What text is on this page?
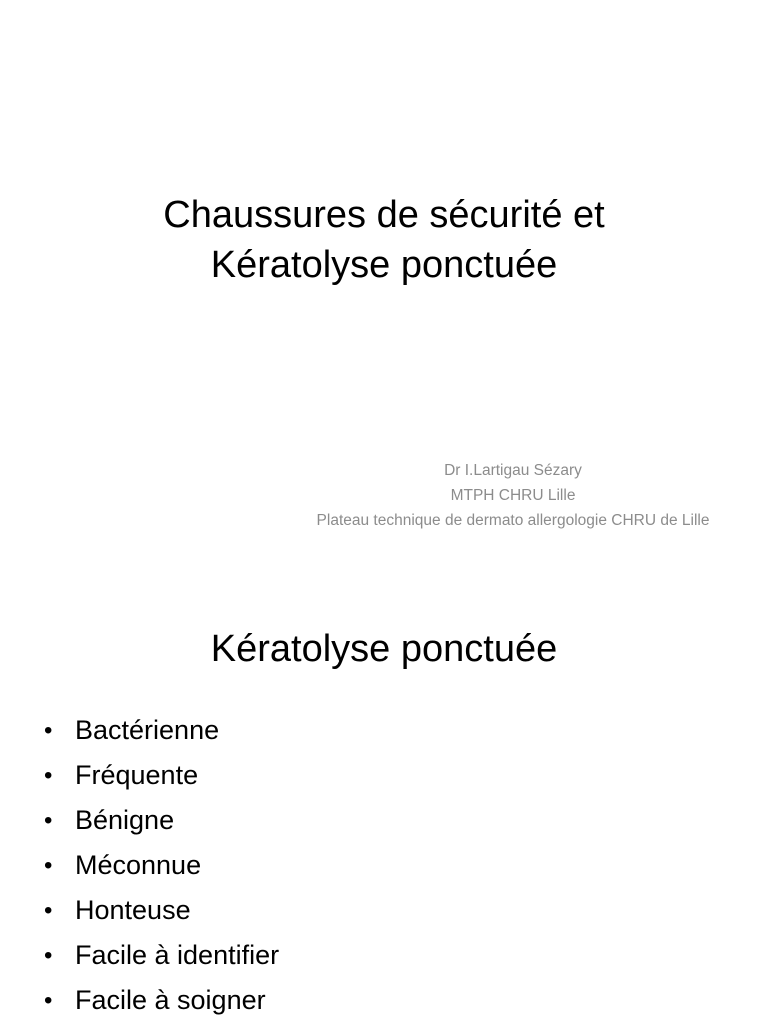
Chaussures de sécurité et
Kératolyse ponctuée
Dr I.Lartigau Sézary
MTPH CHRU Lille
Plateau technique de dermato allergologie CHRU de Lille
Kératolyse ponctuée
• Bactérienne
• Fréquente
• Bénigne
• Méconnue
• Honteuse
• Facile à identifier
• Facile à soigner
